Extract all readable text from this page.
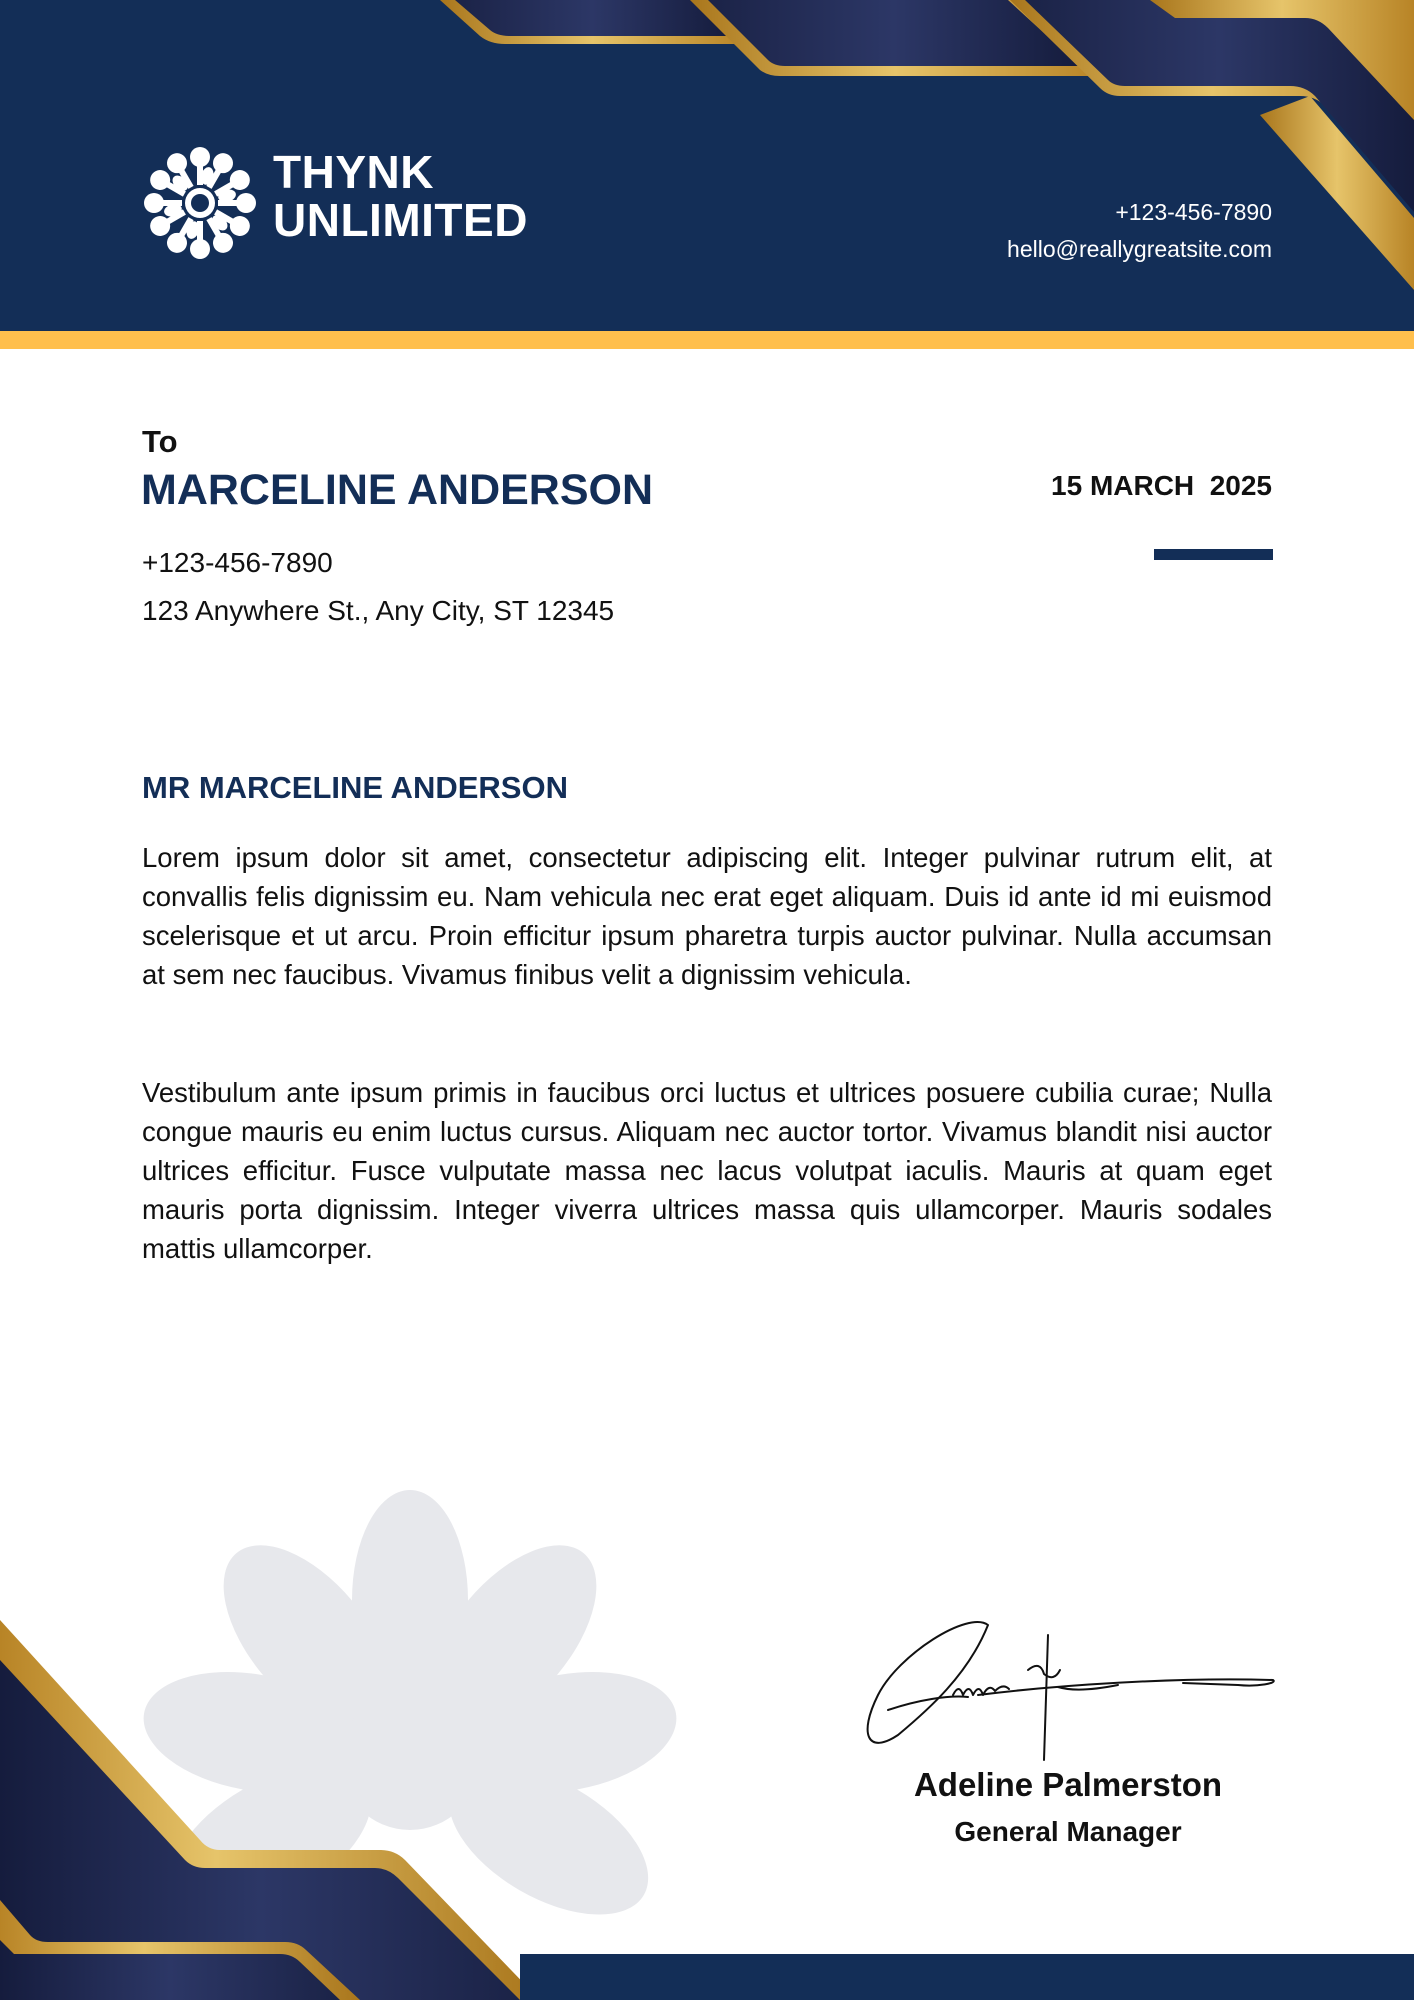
THYNK
UNLIMITED	+123-456-7890
hello@reallygreatsite.com
To
MARCELINE ANDERSON
+123-456-7890
123 Anywhere St., Any City, ST 12345
15 MARCH  2025
MR MARCELINE ANDERSON
Lorem ipsum dolor sit amet, consectetur adipiscing elit. Integer pulvinar rutrum elit, at convallis felis dignissim eu. Nam vehicula nec erat eget aliquam. Duis id ante id mi euismod scelerisque et ut arcu. Proin efficitur ipsum pharetra turpis auctor pulvinar. Nulla accumsan at sem nec faucibus. Vivamus finibus velit a dignissim vehicula.
Vestibulum ante ipsum primis in faucibus orci luctus et ultrices posuere cubilia curae; Nulla congue mauris eu enim luctus cursus. Aliquam nec auctor tortor. Vivamus blandit nisi auctor ultrices efficitur. Fusce vulputate massa nec lacus volutpat iaculis. Mauris at quam eget mauris porta dignissim. Integer viverra ultrices massa quis ullamcorper. Mauris sodales mattis ullamcorper.
Adeline Palmerston
General Manager
